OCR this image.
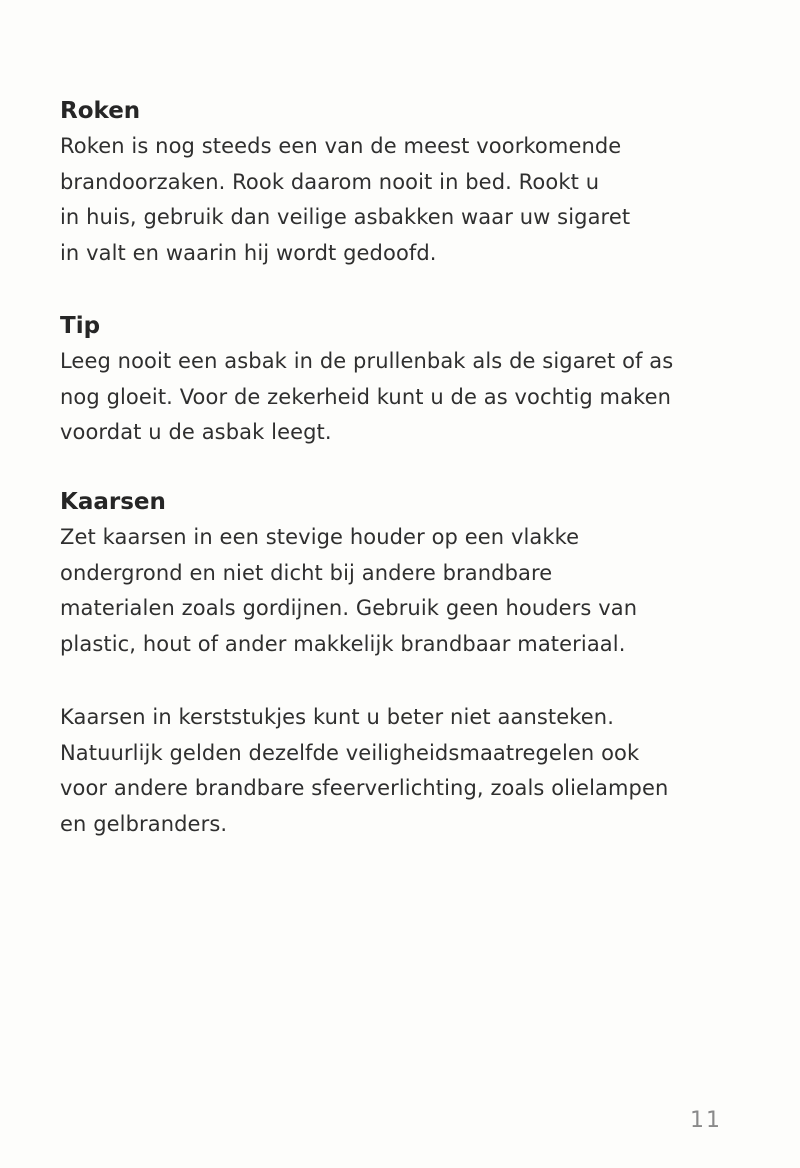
Roken

Roken is nog steeds een van de meest voorkomende
brandoorzaken. Rook daarom nooit in bed. Rookt u
in huis, gebruik dan veilige asbakken waar uw sigaret
in valt en waarin hij wordt gedoofd.

Tip

Leeg nooit een asbak in de prullenbak als de sigaret of as
nog gloeit. Voor de zekerheid kunt u de as vochtig maken
voordat u de asbak leegt.

Kaarsen

Zet kaarsen in een stevige houder op een vlakke
ondergrond en niet dicht bij andere brandbare
materialen zoals gordijnen. Gebruik geen houders van
plastic, hout of ander makkelijk brandbaar materiaal.

Kaarsen in kerststukjes kunt u beter niet aansteken.
Natuurlijk gelden dezelfde veiligheidsmaatregelen ook
voor andere brandbare sfeerverlichting, zoals olielampen
en gelbranders.

11
